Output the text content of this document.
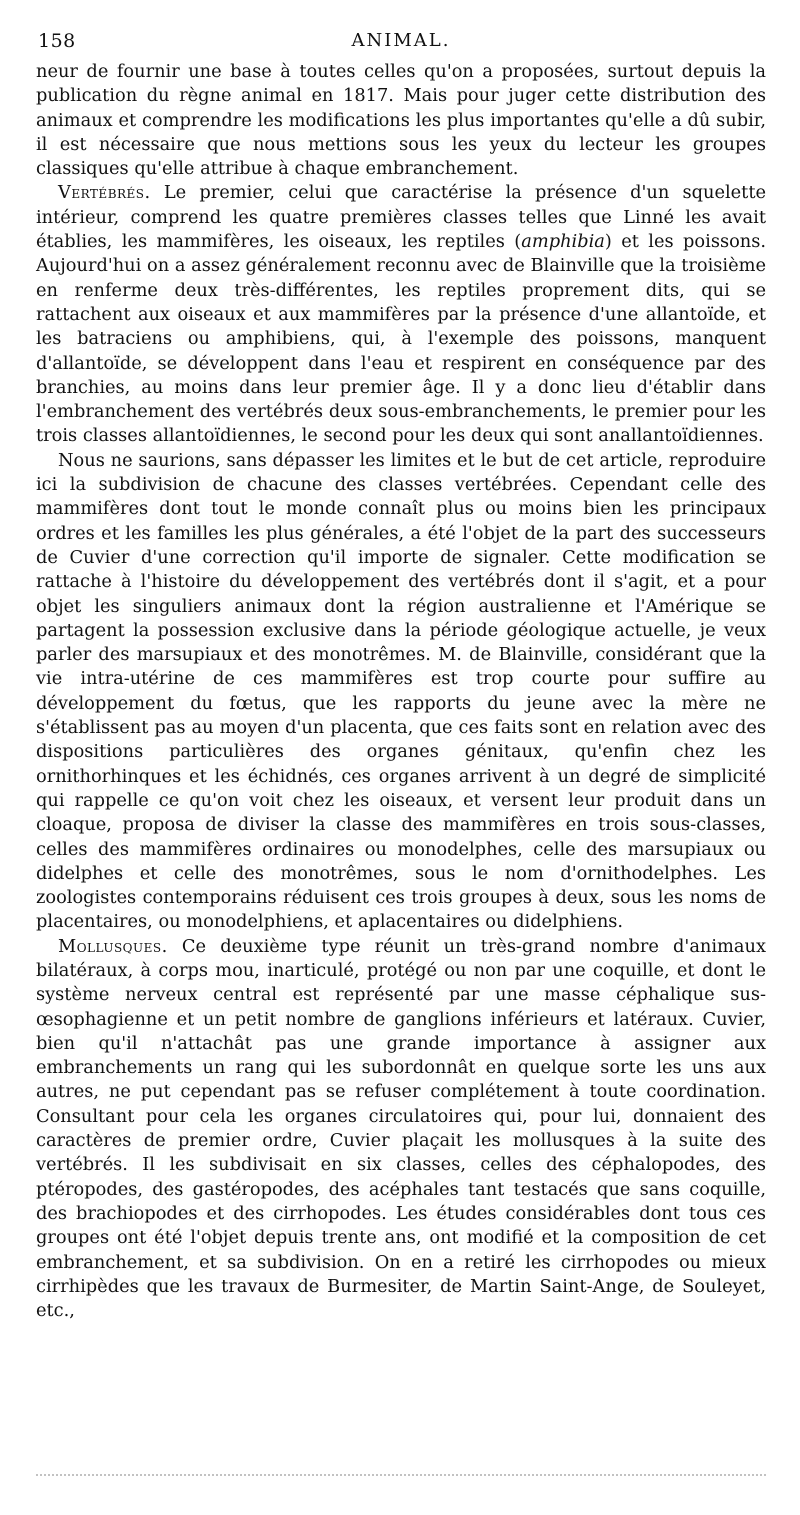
158	ANIMAL.

neur de fournir une base à toutes celles qu'on a proposées, surtout depuis la publication du règne animal en 1817. Mais pour juger cette distribution des animaux et comprendre les modifications les plus importantes qu'elle a dû subir, il est nécessaire que nous mettions sous les yeux du lecteur les groupes classiques qu'elle attribue à chaque embranchement.

Vertébrés. Le premier, celui que caractérise la présence d'un squelette intérieur, comprend les quatre premières classes telles que Linné les avait établies, les mammifères, les oiseaux, les reptiles (amphibia) et les poissons. Aujourd'hui on a assez généralement reconnu avec de Blainville que la troisième en renferme deux très-différentes, les reptiles proprement dits, qui se rattachent aux oiseaux et aux mammifères par la présence d'une allantoïde, et les batraciens ou amphibiens, qui, à l'exemple des poissons, manquent d'allantoïde, se développent dans l'eau et respirent en conséquence par des branchies, au moins dans leur premier âge. Il y a donc lieu d'établir dans l'embranchement des vertébrés deux sous-embranchements, le premier pour les trois classes allantoïdiennes, le second pour les deux qui sont anallantoïdiennes.

Nous ne saurions, sans dépasser les limites et le but de cet article, reproduire ici la subdivision de chacune des classes vertébrées. Cependant celle des mammifères dont tout le monde connaît plus ou moins bien les principaux ordres et les familles les plus générales, a été l'objet de la part des successeurs de Cuvier d'une correction qu'il importe de signaler. Cette modification se rattache à l'histoire du développement des vertébrés dont il s'agit, et a pour objet les singuliers animaux dont la région australienne et l'Amérique se partagent la possession exclusive dans la période géologique actuelle, je veux parler des marsupiaux et des monotrêmes. M. de Blainville, considérant que la vie intra-utérine de ces mammifères est trop courte pour suffire au développement du fœtus, que les rapports du jeune avec la mère ne s'établissent pas au moyen d'un placenta, que ces faits sont en relation avec des dispositions particulières des organes génitaux, qu'enfin chez les ornithorhinques et les échidnés, ces organes arrivent à un degré de simplicité qui rappelle ce qu'on voit chez les oiseaux, et versent leur produit dans un cloaque, proposa de diviser la classe des mammifères en trois sous-classes, celles des mammifères ordinaires ou monodelphes, celle des marsupiaux ou didelphes et celle des monotrêmes, sous le nom d'ornithodelphes. Les zoologistes contemporains réduisent ces trois groupes à deux, sous les noms de placentaires, ou monodelphiens, et aplacentaires ou didelphiens.

Mollusques. Ce deuxième type réunit un très-grand nombre d'animaux bilatéraux, à corps mou, inarticulé, protégé ou non par une coquille, et dont le système nerveux central est représenté par une masse céphalique sus-œsophagienne et un petit nombre de ganglions inférieurs et latéraux. Cuvier, bien qu'il n'attachât pas une grande importance à assigner aux embranchements un rang qui les subordonnât en quelque sorte les uns aux autres, ne put cependant pas se refuser complétement à toute coordination. Consultant pour cela les organes circulatoires qui, pour lui, donnaient des caractères de premier ordre, Cuvier plaçait les mollusques à la suite des vertébrés. Il les subdivisait en six classes, celles des céphalopodes, des ptéropodes, des gastéropodes, des acéphales tant testacés que sans coquille, des brachiopodes et des cirrhopodes. Les études considérables dont tous ces groupes ont été l'objet depuis trente ans, ont modifié et la composition de cet embranchement, et sa subdivision. On en a retiré les cirrhopodes ou mieux cirrhipèdes que les travaux de Burmesiter, de Martin Saint-Ange, de Souleyet, etc.,
